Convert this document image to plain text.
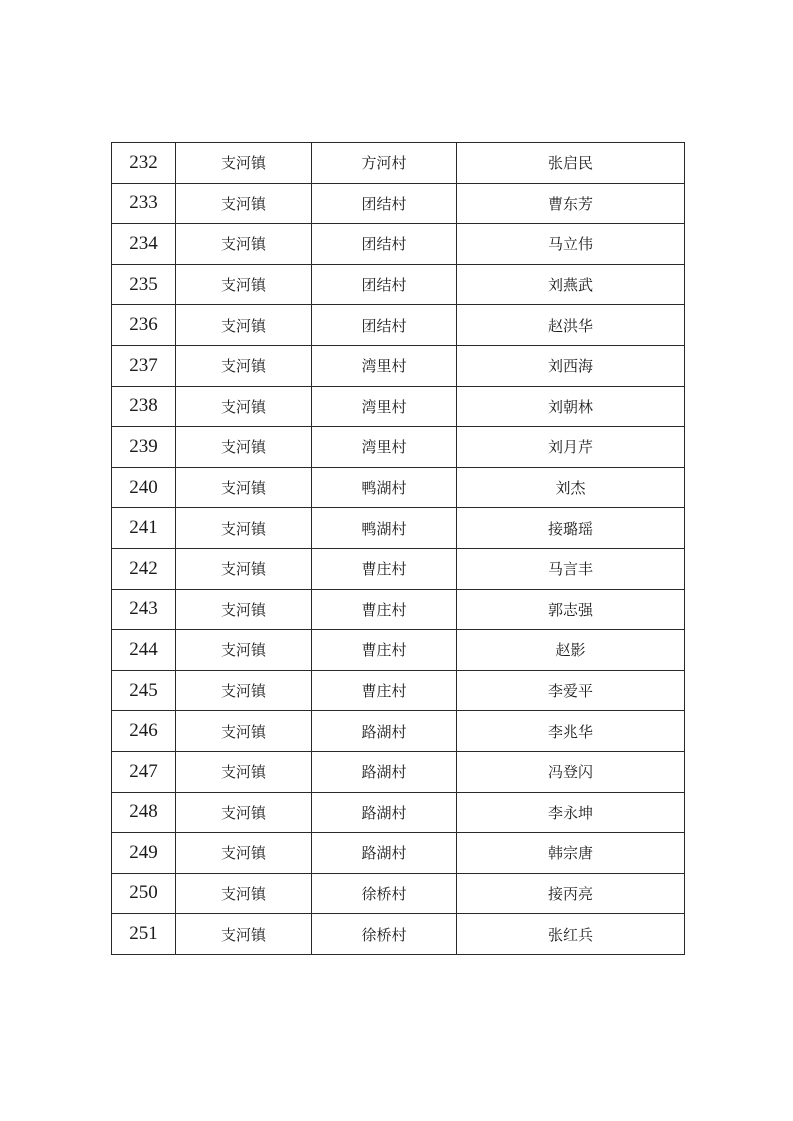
232	支河镇	方河村	张启民
233	支河镇	团结村	曹东芳
234	支河镇	团结村	马立伟
235	支河镇	团结村	刘燕武
236	支河镇	团结村	赵洪华
237	支河镇	湾里村	刘西海
238	支河镇	湾里村	刘朝林
239	支河镇	湾里村	刘月芹
240	支河镇	鸭湖村	刘杰
241	支河镇	鸭湖村	接璐瑶
242	支河镇	曹庄村	马言丰
243	支河镇	曹庄村	郭志强
244	支河镇	曹庄村	赵影
245	支河镇	曹庄村	李爱平
246	支河镇	路湖村	李兆华
247	支河镇	路湖村	冯登闪
248	支河镇	路湖村	李永坤
249	支河镇	路湖村	韩宗唐
250	支河镇	徐桥村	接丙亮
251	支河镇	徐桥村	张红兵
